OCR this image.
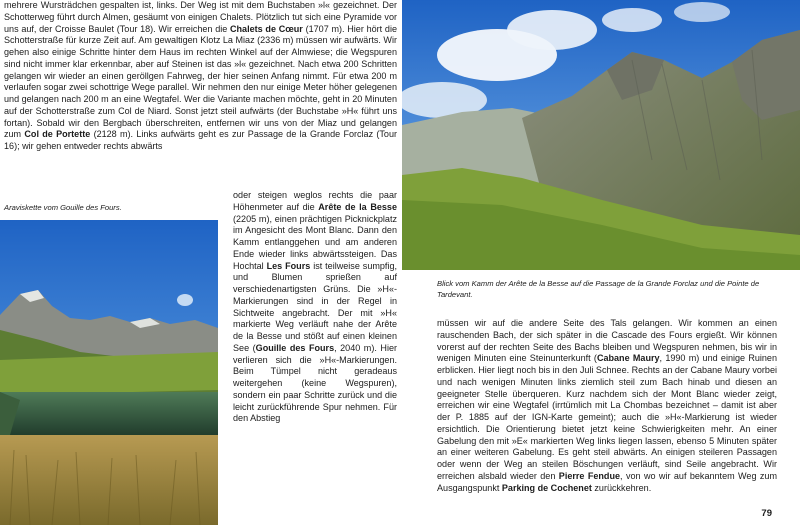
mehrere Wursträdchen gespalten ist, links. Der Weg ist mit dem Buchstaben »l« gezeichnet. Der Schotterweg führt durch Almen, gesäumt von einigen Chalets. Plötzlich tut sich eine Pyramide vor uns auf, der Croisse Baulet (Tour 18). Wir erreichen die Chalets de Cœur (1707 m). Hier hört die Schotterstraße für kurze Zeit auf. Am gewaltigen Klotz La Miaz (2336 m) müssen wir aufwärts. Wir gehen also einige Schritte hinter dem Haus im rechten Winkel auf der Almwiese; die Wegspuren sind nicht immer klar erkennbar, aber auf Steinen ist das »l« gezeichnet. Nach etwa 200 Schritten gelangen wir wieder an einen geröllgen Fahrweg, der hier seinen Anfang nimmt. Für etwa 200 m verlaufen sogar zwei schottrige Wege parallel. Wir nehmen den nur einige Meter höher gelegenen und gelangen nach 200 m an eine Wegtafel. Wer die Variante machen möchte, geht in 20 Minuten auf der Schotterstraße zum Col de Niard. Sonst jetzt steil aufwärts (der Buchstabe »H« führt uns fortan). Sobald wir den Bergbach überschreiten, entfernen wir uns von der Miaz und gelangen zum Col de Portette (2128 m). Links aufwärts geht es zur Passage de la Grande Forclaz (Tour 16); wir gehen entweder rechts abwärts

Araviskette vom Gouille des Fours.

oder steigen weglos rechts die paar Höhenmeter auf die Arête de la Besse (2205 m), einen prächtigen Picknickplatz im Angesicht des Mont Blanc. Dann den Kamm entlanggehen und am anderen Ende wieder links abwärtssteigen. Das Hochtal Les Fours ist teilweise sumpfig, und Blumen sprießen auf verschiedenartigsten Grüns. Die »H«-Markierungen sind in der Regel in Sichtweite angebracht. Der mit »H« markierte Weg verläuft nahe der Arête de la Besse und stößt auf einen kleinen See (Gouille des Fours, 2040 m). Hier verlieren sich die »H«-Markierungen. Beim Tümpel nicht geradeaus weitergehen (keine Wegspuren), sondern ein paar Schritte zurück und die leicht zurückführende Spur nehmen. Für den Abstieg

Blick vom Kamm der Arête de la Besse auf die Passage de la Grande Forclaz und die Pointe de Tardevant.

müssen wir auf die andere Seite des Tals gelangen. Wir kommen an einen rauschenden Bach, der sich später in die Cascade des Fours ergießt. Wir können vorerst auf der rechten Seite des Bachs bleiben und Wegspuren nehmen, bis wir in wenigen Minuten eine Steinunterkunft (Cabane Maury, 1990 m) und einige Ruinen erblicken. Hier liegt noch bis in den Juli Schnee. Rechts an der Cabane Maury vorbei und nach wenigen Minuten links ziemlich steil zum Bach hinab und diesen an geeigneter Stelle überqueren. Kurz nachdem sich der Mont Blanc wieder zeigt, erreichen wir eine Wegtafel (irrtümlich mit La Chombas bezeichnet – damit ist aber der P. 1885 auf der IGN-Karte gemeint); auch die »H«-Markierung ist wieder ersichtlich. Die Orientierung bietet jetzt keine Schwierigkeiten mehr. An einer Gabelung den mit »E« markierten Weg links liegen lassen, ebenso 5 Minuten später an einer weiteren Gabelung. Es geht steil abwärts. An einigen steileren Passagen oder wenn der Weg an steilen Böschungen verläuft, sind Seile angebracht. Wir erreichen alsbald wieder den Pierre Fendue, von wo wir auf bekanntem Weg zum Ausgangspunkt Parking de Cochenet zurückkehren.

79
